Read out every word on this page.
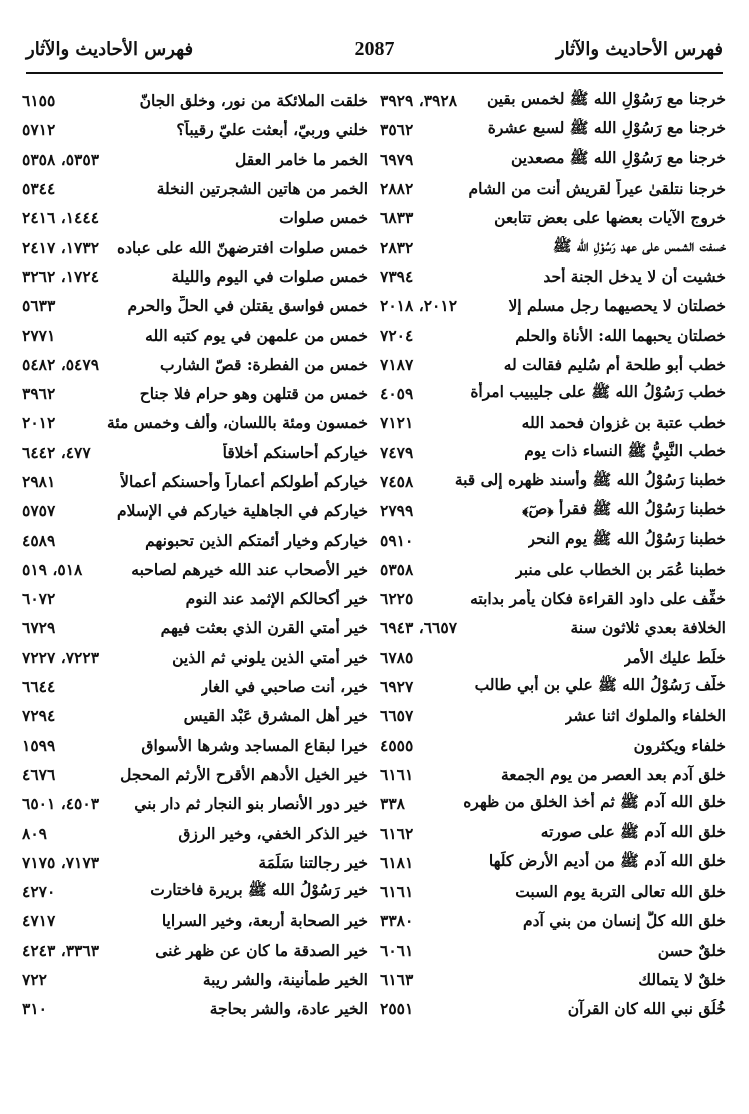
فهرس الأحاديث والآثار
2087
فهرس الأحاديث والآثار
خرجنا مع رَسُوْلِ الله ﷺ لخمس بقين
٣٩٢٨، ٣٩٢٩
خرجنا مع رَسُوْلِ الله ﷺ لسبع عشرة
٣٥٦٢
خرجنا مع رَسُوْلِ الله ﷺ مصعدين
٦٩٧٩
خرجنا نتلقىٰ عيراً لقريش أنت من الشام
٢٨٨٢
خروج الآيات بعضها على بعض تتابعن
٦٨٣٣
خسفت الشمس على عهد رَسُوْلِ الله ﷺ
٢٨٣٢
خشيت أن لا يدخل الجنة أحد
٧٣٩٤
خصلتان لا يحصيهما رجل مسلم إلا
٢٠١٢، ٢٠١٨
خصلتان يحبهما الله: الأناة والحلم
٧٢٠٤
خطب أبو طلحة أم سُليم فقالت له
٧١٨٧
خطب رَسُوْلُ الله ﷺ على جليبيب امرأة
٤٠٥٩
خطب عتبة بن غزوان فحمد الله
٧١٢١
خطب النَّبِيُّ ﷺ النساء ذات يوم
٧٤٧٩
خطبنا رَسُوْلُ الله ﷺ وأسند ظهره إلى قبة
٧٤٥٨
خطبنا رَسُوْلُ الله ﷺ فقرأ ﴿صٓ﴾
٢٧٩٩
خطبنا رَسُوْلُ الله ﷺ يوم النحر
٥٩١٠
خطبنا عُمَر بن الخطاب على منبر
٥٣٥٨
خفِّف على داود القراءة فكان يأمر بدابته
٦٢٢٥
الخلافة بعدي ثلاثون سنة
٦٦٥٧، ٦٩٤٣
خلِّط عليك الأمر
٦٧٨٥
خلَّف رَسُوْلُ الله ﷺ علي بن أبي طالب
٦٩٢٧
الخلفاء والملوك اثنا عشر
٦٦٥٧
خلفاء ويكثرون
٤٥٥٥
خلق آدم بعد العصر من يوم الجمعة
٦١٦١
خلق الله آدم ﷺ ثم أخذ الخلق من ظهره
٣٣٨
خلق الله آدم ﷺ على صورته
٦١٦٢
خلق الله آدم ﷺ من أديم الأرض كلِّها
٦١٨١
خلق الله تعالى التربة يوم السبت
٦١٦١
خلق الله كلَّ إنسان من بني آدم
٣٣٨٠
خلقٌ حسن
٦٠٦١
خلقٌ لا يتمالك
٦١٦٣
خُلُق نبي الله كان القرآن
٢٥٥١
خلقت الملائكة من نور، وخلق الجانّ
٦١٥٥
خلني وربيّ، أبعثت عليّ رقيباً؟
٥٧١٢
الخمر ما خامر العقل
٥٣٥٣، ٥٣٥٨
الخمر من هاتين الشجرتين النخلة
٥٣٤٤
خمس صلوات
١٤٤٤، ٢٤١٦
خمس صلوات افترضهنّ الله على عباده
١٧٣٢، ٢٤١٧
خمس صلوات في اليوم والليلة
١٧٢٤، ٣٢٦٢
خمس فواسق يقتلن في الحلِّ والحرم
٥٦٣٣
خمس من علمهن في يوم كتبه الله
٢٧٧١
خمس من الفطرة: قصّ الشارب
٥٤٧٩، ٥٤٨٢
خمس من قتلهن وهو حرام فلا جناح
٣٩٦٢
خمسون ومئة باللسان، وألف وخمس مئة
٢٠١٢
خياركم أحاسنكم أخلاقاً
٤٧٧، ٦٤٤٢
خياركم أطولكم أعماراً وأحسنكم أعمالاً
٢٩٨١
خياركم في الجاهلية خياركم في الإسلام
٥٧٥٧
خياركم وخيار أئمتكم الذين تحبونهم
٤٥٨٩
خير الأصحاب عند الله خيرهم لصاحبه
٥١٨، ٥١٩
خير أكحالكم الإثمد عند النوم
٦٠٧٢
خير أمتي القرن الذي بعثت فيهم
٦٧٢٩
خير أمتي الذين يلوني ثم الذين
٧٢٢٣، ٧٢٢٧
خير، أنت صاحبي في الغار
٦٦٤٤
خير أهل المشرق عَبْد القيس
٧٢٩٤
خيرا لبقاع المساجد وشرها الأسواق
١٥٩٩
خير الخيل الأدهم الأقرح الأرثم المحجل
٤٦٧٦
خير دور الأنصار بنو النجار ثم دار بني
٤٥٠٣، ٦٥٠١
خير الذكر الخفي، وخير الرزق
٨٠٩
خير رجالتنا سَلَمَة
٧١٧٣، ٧١٧٥
خير رَسُوْلُ الله ﷺ بريرة فاختارت
٤٢٧٠
خير الصحابة أربعة، وخير السرايا
٤٧١٧
خير الصدقة ما كان عن ظهر غنى
٣٣٦٣، ٤٢٤٣
الخير طمأنينة، والشر ريبة
٧٢٢
الخير عادة، والشر بحاجة
٣١٠
